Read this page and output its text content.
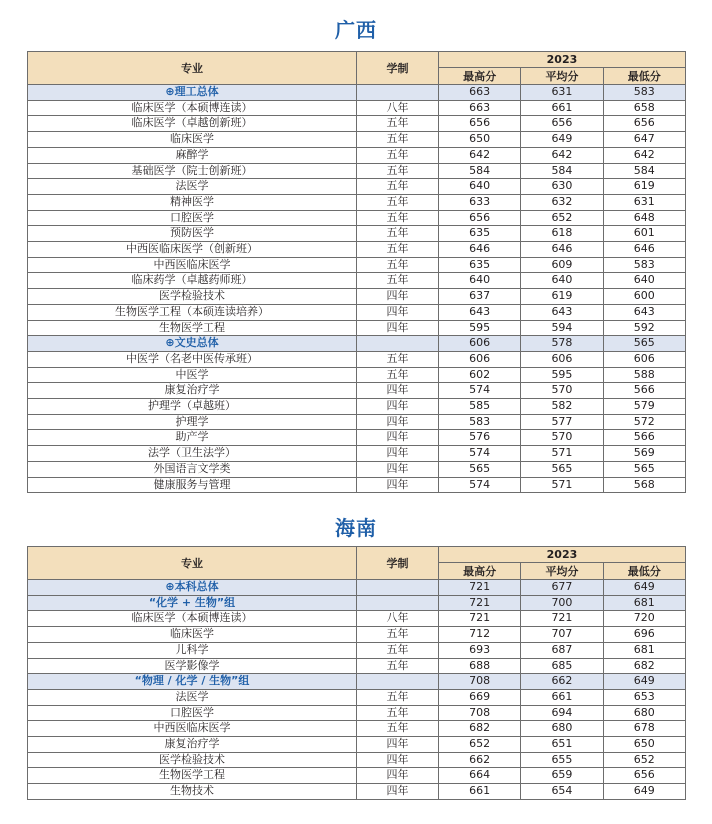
广西
专业	学制	2023		
		最高分	平均分	最低分
⊕理工总体		663	631	583
临床医学（本硕博连读）	八年	663	661	658
临床医学（卓越创新班）	五年	656	656	656
临床医学	五年	650	649	647
麻醉学	五年	642	642	642
基础医学（院士创新班）	五年	584	584	584
法医学	五年	640	630	619
精神医学	五年	633	632	631
口腔医学	五年	656	652	648
预防医学	五年	635	618	601
中西医临床医学（创新班）	五年	646	646	646
中西医临床医学	五年	635	609	583
临床药学（卓越药师班）	五年	640	640	640
医学检验技术	四年	637	619	600
生物医学工程（本硕连读培养）	四年	643	643	643
生物医学工程	四年	595	594	592
⊕文史总体		606	578	565
中医学（名老中医传承班）	五年	606	606	606
中医学	五年	602	595	588
康复治疗学	四年	574	570	566
护理学（卓越班）	四年	585	582	579
护理学	四年	583	577	572
助产学	四年	576	570	566
法学（卫生法学）	四年	574	571	569
外国语言文学类	四年	565	565	565
健康服务与管理	四年	574	571	568
海南
专业	学制	2023		
		最高分	平均分	最低分
⊕本科总体		721	677	649
“化学 + 生物”组		721	700	681
临床医学（本硕博连读）	八年	721	721	720
临床医学	五年	712	707	696
儿科学	五年	693	687	681
医学影像学	五年	688	685	682
“物理 / 化学 / 生物”组		708	662	649
法医学	五年	669	661	653
口腔医学	五年	708	694	680
中西医临床医学	五年	682	680	678
康复治疗学	四年	652	651	650
医学检验技术	四年	662	655	652
生物医学工程	四年	664	659	656
生物技术	四年	661	654	649
